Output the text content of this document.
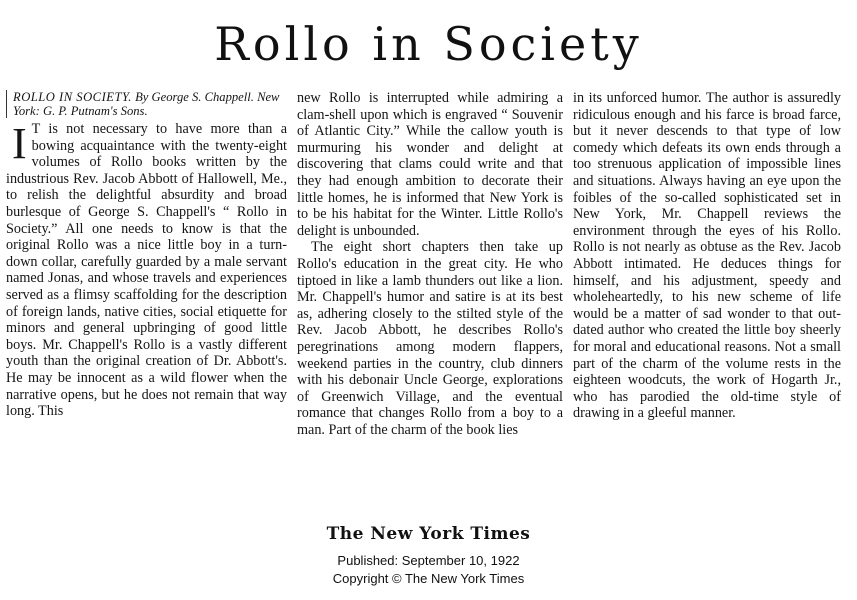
Rollo in Society
ROLLO IN SOCIETY. By George S. Chappell. New York: G. P. Putnam's Sons.

I T is not necessary to have more than a bowing acquaintance with the twenty-eight volumes of Rollo books written by the industrious Rev. Jacob Abbott of Hallowell, Me., to relish the delightful absurdity and broad burlesque of George S. Chappell's “ Rollo in Society.” All one needs to know is that the original Rollo was a nice little boy in a turn-down collar, carefully guarded by a male servant named Jonas, and whose travels and experiences served as a flimsy scaffolding for the description of foreign lands, native cities, social etiquette for minors and general upbringing of good little boys. Mr. Chappell's Rollo is a vastly different youth than the original creation of Dr. Abbott's. He may be innocent as a wild flower when the narrative opens, but he does not remain that way long. This

new Rollo is interrupted while admiring a clam-shell upon which is engraved “ Souvenir of Atlantic City.” While the callow youth is murmuring his wonder and delight at discovering that clams could write and that they had enough ambition to decorate their little homes, he is informed that New York is to be his habitat for the Winter. Little Rollo's delight is unbounded.

The eight short chapters then take up Rollo's education in the great city. He who tiptoed in like a lamb thunders out like a lion. Mr. Chappell's humor and satire is at its best as, adhering closely to the stilted style of the Rev. Jacob Abbott, he describes Rollo's peregrinations among modern flappers, weekend parties in the country, club dinners with his debonair Uncle George, explorations of Greenwich Village, and the eventual romance that changes Rollo from a boy to a man. Part of the charm of the book lies

in its unforced humor. The author is assuredly ridiculous enough and his farce is broad farce, but it never descends to that type of low comedy which defeats its own ends through a too strenuous application of impossible lines and situations. Always having an eye upon the foibles of the so-called sophisticated set in New York, Mr. Chappell reviews the environment through the eyes of his Rollo. Rollo is not nearly as obtuse as the Rev. Jacob Abbott intimated. He deduces things for himself, and his adjustment, speedy and wholeheartedly, to his new scheme of life would be a matter of sad wonder to that out-dated author who created the little boy sheerly for moral and educational reasons. Not a small part of the charm of the volume rests in the eighteen woodcuts, the work of Hogarth Jr., who has parodied the old-time style of drawing in a gleeful manner.

The New York Times
Published: September 10, 1922
Copyright © The New York Times
